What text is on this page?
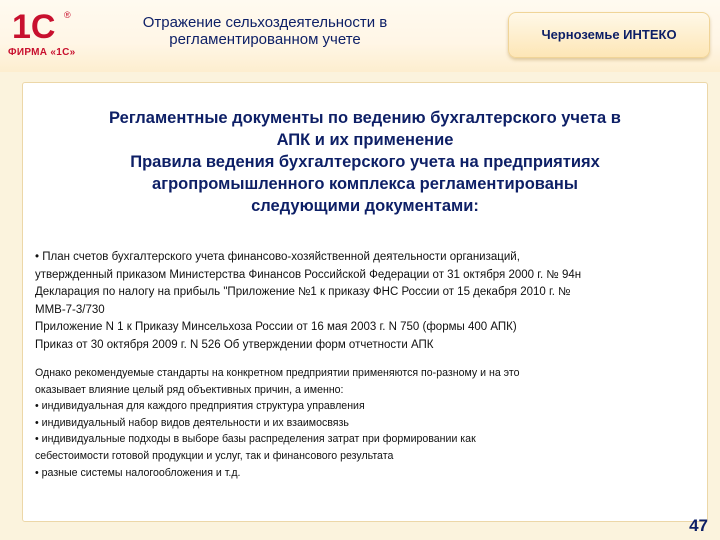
1С ®
ФИРМА «1С»
Отражение сельхоздеятельности в
регламентированном учете	Черноземье ИНТЕКО
Регламентные документы по ведению бухгалтерского учета в
АПК и их применение
Правила ведения бухгалтерского учета на предприятиях
агропромышленного комплекса регламентированы
следующими документами:
• План счетов бухгалтерского учета финансово-хозяйственной деятельности организаций,
утвержденный приказом Министерства Финансов Российской Федерации от 31 октября 2000 г. № 94н
Декларация по налогу на прибыль "Приложение №1 к приказу ФНС России от 15 декабря 2010 г. №
ММВ-7-3/730
Приложение N 1 к Приказу Минсельхоза России от 16 мая 2003 г. N 750 (формы 400 АПК)
Приказ от 30 октября 2009 г. N 526 Об утверждении форм отчетности АПК
Однако рекомендуемые стандарты на конкретном предприятии применяются по-разному и на это
оказывает влияние целый ряд объективных причин, а именно:
• индивидуальная для каждого предприятия структура управления
• индивидуальный набор видов деятельности и их взаимосвязь
• индивидуальные подходы в выборе базы распределения затрат при формировании как
себестоимости готовой продукции и услуг, так и финансового результата
• разные системы налогообложения и т.д.
47
